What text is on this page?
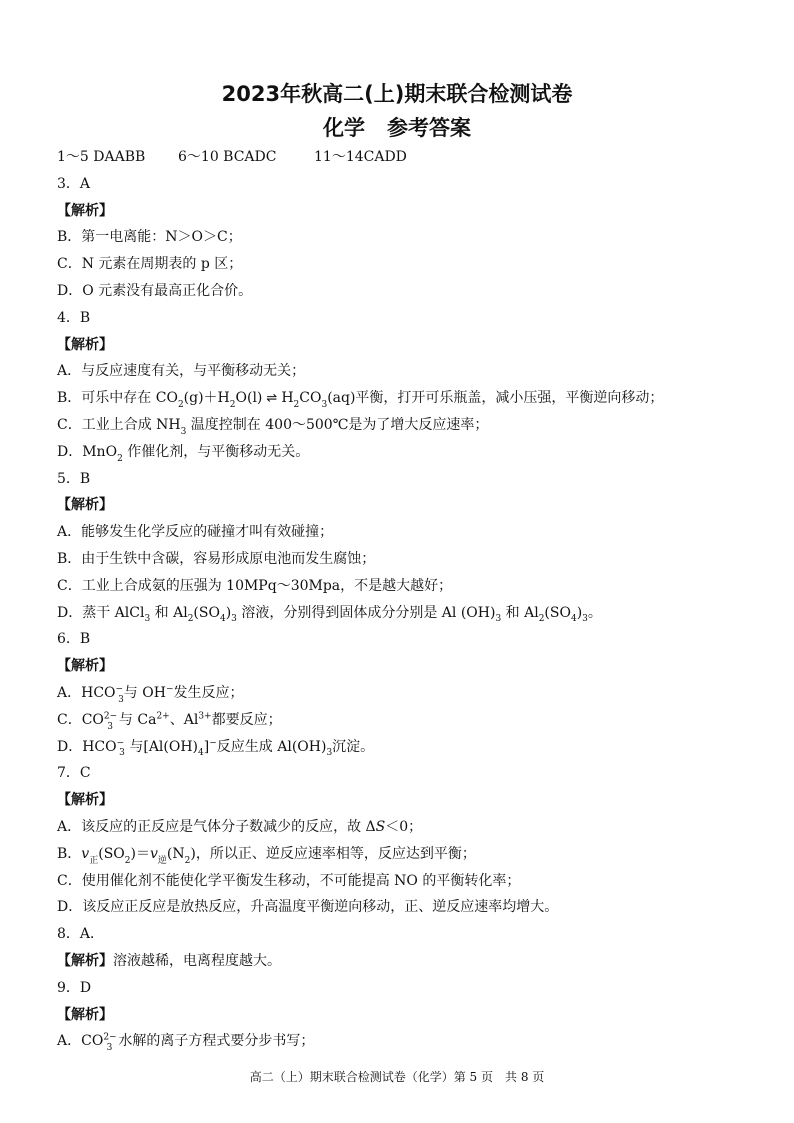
2023年秋高二(上)期末联合检测试卷
化学 参考答案
1～5 DAABB 6～10 BCADC	11～14CADD
3．A
【解析】
B．第一电离能：N＞O＞C；
C．N 元素在周期表的 p 区；
D．O 元素没有最高正化合价。
4．B
【解析】
A．与反应速度有关，与平衡移动无关；
B．可乐中存在 $CO_2(g)+H_2O(l)$ ⇌ $H_2CO_3(aq)$平衡，打开可乐瓶盖，减小压强，平衡逆向移动；
C．工业上合成 $NH_3$ 温度控制在 400～500℃是为了增大反应速率；
D．MnO$_2$ 作催化剂，与平衡移动无关。
5．B
【解析】
A．能够发生化学反应的碰撞才叫有效碰撞；
B．由于生铁中含碳，容易形成原电池而发生腐蚀；
C．工业上合成氨的压强为 10MPq～30Mpa，不是越大越好；
D．蒸干 AlCl$_3$ 和 $Al_2(SO_4)_3$ 溶液，分别得到固体成分分别是 Al $(OH)_3$ 和 $Al_2(SO_4)_3$。
6．B
【解析】
A．$HCO^-_3$与 OH−发生反应；
C．$CO^{2-}_3$ 与 $Ca^{2+}$、$Al^{3+}$都要反应；
D．$HCO^-_3$ 与$[Al(OH)_4]^-$反应生成 $Al(OH)_3$沉淀。
7．C
【解析】
A．该反应的正反应是气体分子数减少的反应，故 ΔS＜0；
B．$v_正(SO_2)=v_逆(N_2)$，所以正、逆反应速率相等，反应达到平衡；
C．使用催化剂不能使化学平衡发生移动，不可能提高 NO 的平衡转化率；
D．该反应正反应是放热反应，升高温度平衡逆向移动，正、逆反应速率均增大。
8．A．
【解析】溶液越稀，电离程度越大。
9．D
【解析】
A．$CO^{2-}_3$ 水解的离子方程式要分步书写；
高二（上）期末联合检测试卷（化学）第 5 页　共 8 页
